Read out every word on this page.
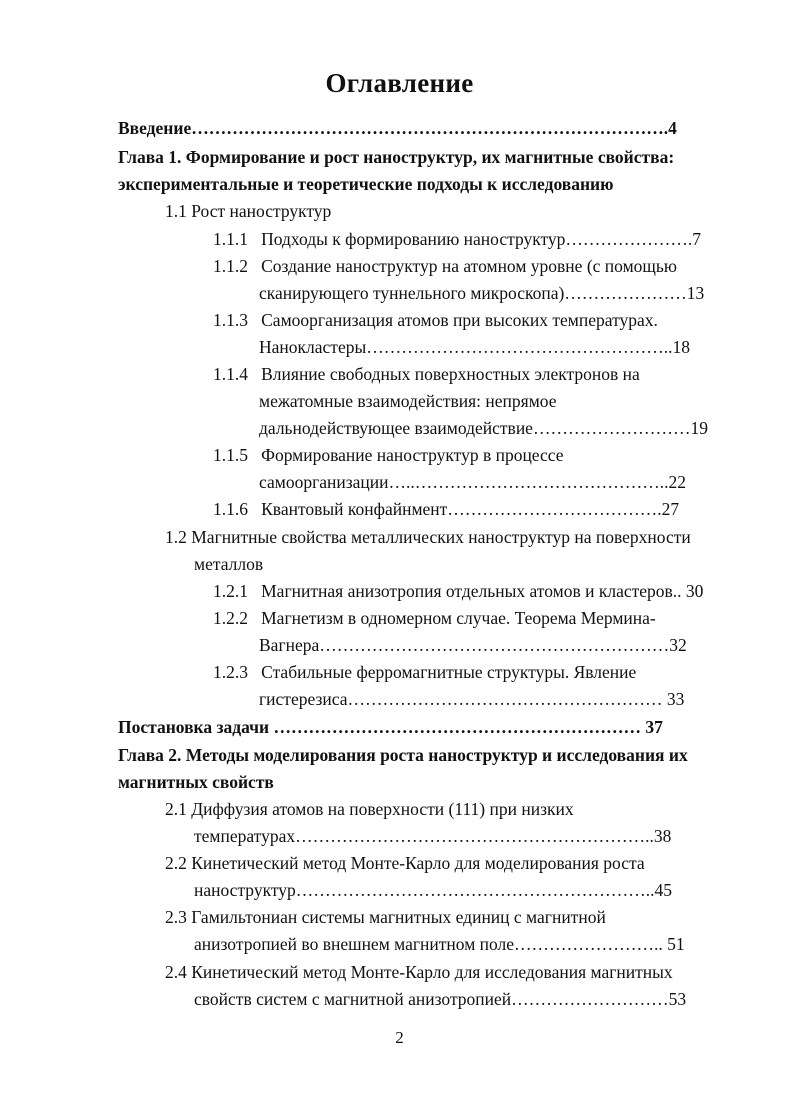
Оглавление
Введение……………………………………………………………………….4
Глава 1. Формирование и рост наноструктур, их магнитные свойства:
экспериментальные и теоретические подходы к исследованию
1.1 Рост наноструктур
1.1.1 Подходы к формированию наноструктур………………….7
1.1.2 Создание наноструктур на атомном уровне (с помощью
сканирующего туннельного микроскопа)…………………13
1.1.3 Самоорганизация атомов при высоких температурах.
Нанокластеры……………………………………………..18
1.1.4 Влияние свободных поверхностных электронов на
межатомные взаимодействия: непрямое
дальнодействующее взаимодействие………………………19
1.1.5 Формирование наноструктур в процессе
самоорганизации…..……………………………………..22
1.1.6 Квантовый конфайнмент……………………………….27
1.2 Магнитные свойства металлических наноструктур на поверхности
металлов
1.2.1 Магнитная анизотропия отдельных атомов и кластеров.. 30
1.2.2 Магнетизм в одномерном случае. Теорема Мермина-
Вагнера……………………………………………………32
1.2.3 Стабильные ферромагнитные структуры. Явление
гистерезиса……………………………………………… 33
Постановка задачи ……………………………………………………… 37
Глава 2. Методы моделирования роста наноструктур и исследования их
магнитных свойств
2.1 Диффузия атомов на поверхности (111) при низких
температурах……………………………………………………..38
2.2 Кинетический метод Монте-Карло для моделирования роста
наноструктур……………………………………………………..45
2.3 Гамильтониан системы магнитных единиц с магнитной
анизотропией во внешнем магнитном поле…………………….. 51
2.4 Кинетический метод Монте-Карло для исследования магнитных
свойств систем с магнитной анизотропией………………………53
2
